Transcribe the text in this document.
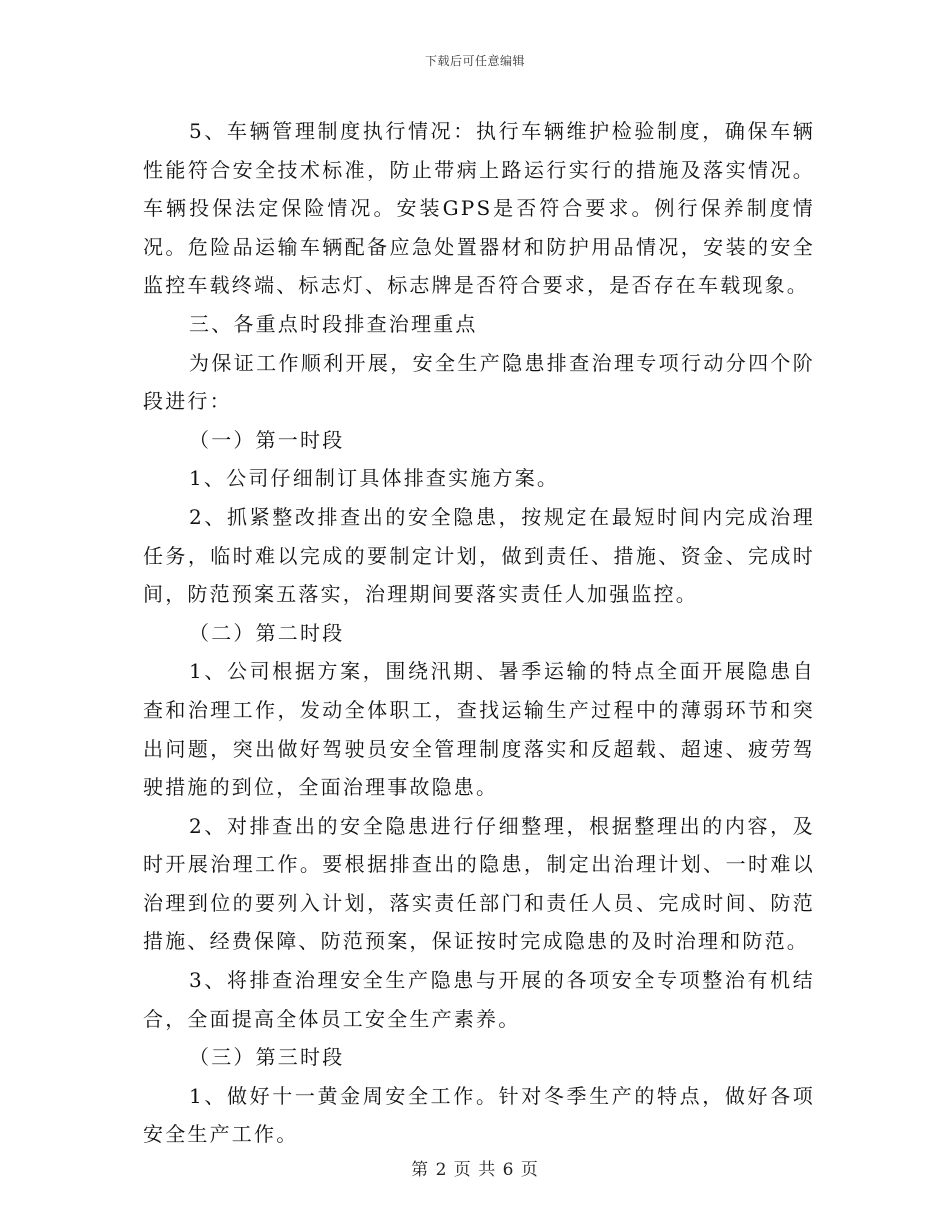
下载后可任意编辑

5、车辆管理制度执行情况：执行车辆维护检验制度，确保车辆性能符合安全技术标准，防止带病上路运行实行的措施及落实情况。车辆投保法定保险情况。安装GPS是否符合要求。例行保养制度情况。危险品运输车辆配备应急处置器材和防护用品情况，安装的安全监控车载终端、标志灯、标志牌是否符合要求，是否存在车载现象。

三、各重点时段排查治理重点

为保证工作顺利开展，安全生产隐患排查治理专项行动分四个阶段进行：

（一）第一时段

1、公司仔细制订具体排查实施方案。

2、抓紧整改排查出的安全隐患，按规定在最短时间内完成治理任务，临时难以完成的要制定计划，做到责任、措施、资金、完成时间，防范预案五落实，治理期间要落实责任人加强监控。

（二）第二时段

1、公司根据方案，围绕汛期、暑季运输的特点全面开展隐患自查和治理工作，发动全体职工，查找运输生产过程中的薄弱环节和突出问题，突出做好驾驶员安全管理制度落实和反超载、超速、疲劳驾驶措施的到位，全面治理事故隐患。

2、对排查出的安全隐患进行仔细整理，根据整理出的内容，及时开展治理工作。要根据排查出的隐患，制定出治理计划、一时难以治理到位的要列入计划，落实责任部门和责任人员、完成时间、防范措施、经费保障、防范预案，保证按时完成隐患的及时治理和防范。

3、将排查治理安全生产隐患与开展的各项安全专项整治有机结合，全面提高全体员工安全生产素养。

（三）第三时段

1、做好十一黄金周安全工作。针对冬季生产的特点，做好各项安全生产工作。

第 2 页 共 6 页
